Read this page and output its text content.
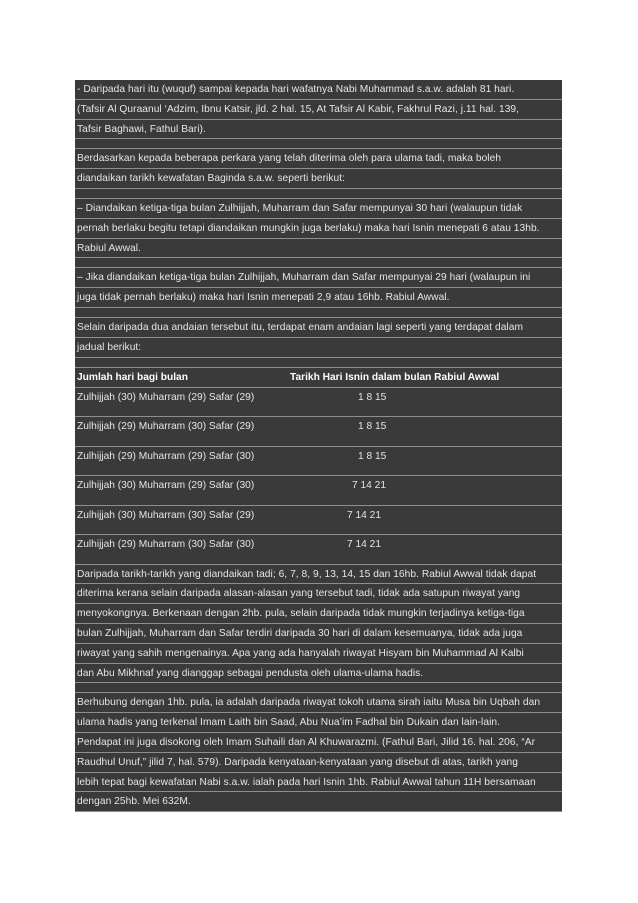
- Daripada hari itu (wuquf) sampai kepada hari wafatnya Nabi Muhammad s.a.w. adalah 81 hari.
(Tafsir Al Quraanul ‘Adzim, Ibnu Katsir, jld. 2 hal. 15, At Tafsir Al Kabir, Fakhrul Razi, j.11 hal. 139,
Tafsir Baghawi, Fathul Bari).
Berdasarkan kepada beberapa perkara yang telah diterima oleh para ulama tadi, maka boleh
diandaikan tarikh kewafatan Baginda s.a.w. seperti berikut:
– Diandaikan ketiga-tiga bulan Zulhijjah, Muharram dan Safar mempunyai 30 hari (walaupun tidak
pernah berlaku begitu tetapi diandaikan mungkin juga berlaku) maka hari Isnin menepati 6 atau 13hb.
Rabiul Awwal.
– Jika diandaikan ketiga-tiga bulan Zulhijjah, Muharram dan Safar mempunyai 29 hari (walaupun ini
juga tidak pernah berlaku) maka hari Isnin menepati 2,9 atau 16hb. Rabiul Awwal.
Selain daripada dua andaian tersebut itu, terdapat enam andaian lagi seperti yang terdapat dalam
jadual berikut:
Jumlah hari bagi bulan	Tarikh Hari Isnin dalam bulan Rabiul Awwal
Zulhijjah (30) Muharram (29) Safar (29)	1 8 15
Zulhijjah (29) Muharram (30) Safar (29)	1 8 15
Zulhijjah (29) Muharram (29) Safar (30)	1 8 15
Zulhijjah (30) Muharram (29) Safar (30)	7 14 21
Zulhijjah (30) Muharram (30) Safar (29)	7 14 21
Zulhijjah (29) Muharram (30) Safar (30)	7 14 21
Daripada tarikh-tarikh yang diandaikan tadi; 6, 7, 8, 9, 13, 14, 15 dan 16hb. Rabiul Awwal tidak dapat
diterima kerana selain daripada alasan-alasan yang tersebut tadi, tidak ada satupun riwayat yang
menyokongnya. Berkenaan dengan 2hb. pula, selain daripada tidak mungkin terjadinya ketiga-tiga
bulan Zulhijjah, Muharram dan Safar terdiri daripada 30 hari di dalam kesemuanya, tidak ada juga
riwayat yang sahih mengenainya. Apa yang ada hanyalah riwayat Hisyam bin Muhammad Al Kalbi
dan Abu Mikhnaf yang dianggap sebagai pendusta oleh ulama-ulama hadis.
Berhubung dengan 1hb. pula, ia adalah daripada riwayat tokoh utama sirah iaitu Musa bin Uqbah dan
ulama hadis yang terkenal Imam Laith bin Saad, Abu Nua’im Fadhal bin Dukain dan lain-lain.
Pendapat ini juga disokong oleh Imam Suhaili dan Al Khuwarazmi. (Fathul Bari, Jilid 16. hal. 206, “Ar
Raudhul Unuf,” jilid 7, hal. 579). Daripada kenyataan-kenyataan yang disebut di atas, tarikh yang
lebih tepat bagi kewafatan Nabi s.a.w. ialah pada hari Isnin 1hb. Rabiul Awwal tahun 11H bersamaan
dengan 25hb. Mei 632M.
